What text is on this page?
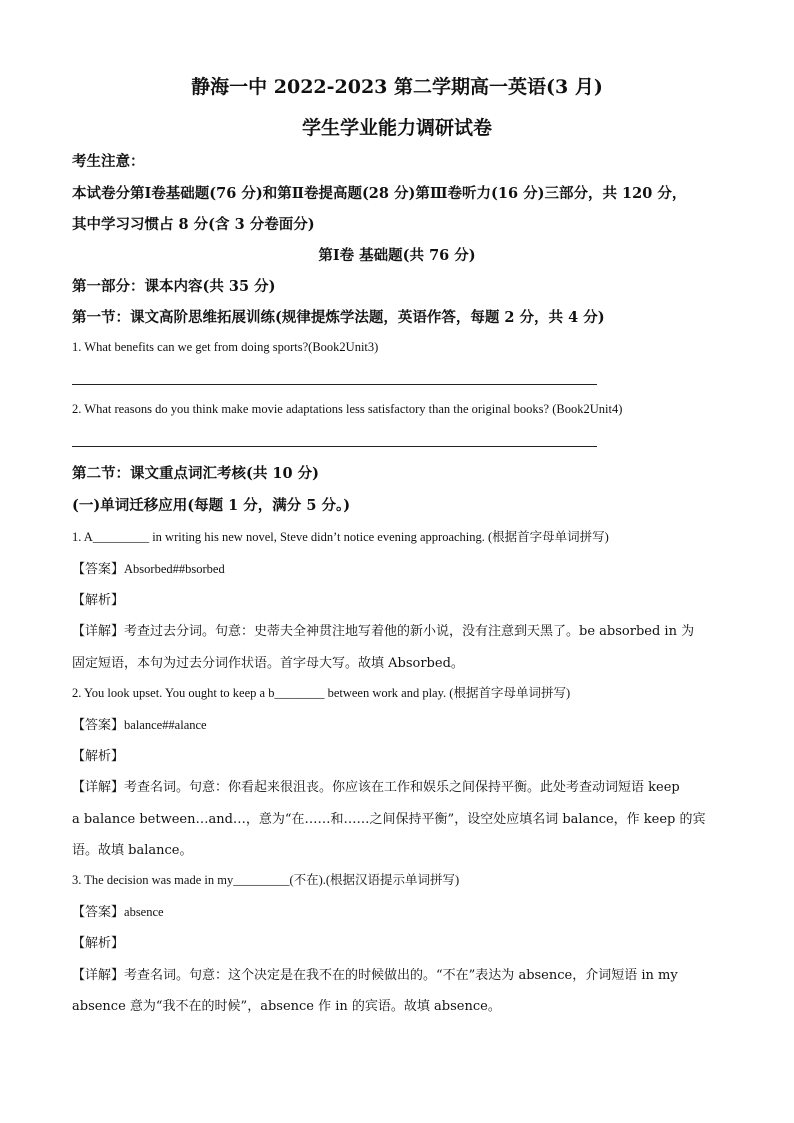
静海一中 2022-2023 第二学期高一英语(3 月)
学生学业能力调研试卷
考生注意：
本试卷分第Ⅰ卷基础题(76 分)和第Ⅱ卷提高题(28 分)第Ⅲ卷听力(16 分)三部分，共 120 分，
其中学习习惯占 8 分(含 3 分卷面分)
第Ⅰ卷 基础题(共 76 分)
第一部分：课本内容(共 35 分)
第一节：课文高阶思维拓展训练(规律提炼学法题，英语作答，每题 2 分，共 4 分)
1. What benefits can we get from doing sports?(Book2Unit3)
2. What reasons do you think make movie adaptations less satisfactory than the original books? (Book2Unit4)
第二节：课文重点词汇考核(共 10 分)
(一)单词迁移应用(每题 1 分，满分 5 分。)
1. A_________ in writing his new novel, Steve didn’t notice evening approaching. (根据首字母单词拼写)
【答案】Absorbed##bsorbed
【解析】
【详解】考查过去分词。句意：史蒂夫全神贯注地写着他的新小说，没有注意到天黑了。be absorbed in 为
固定短语，本句为过去分词作状语。首字母大写。故填 Absorbed。
2. You look upset. You ought to keep a b________ between work and play. (根据首字母单词拼写)
【答案】balance##alance
【解析】
【详解】考查名词。句意：你看起来很沮丧。你应该在工作和娱乐之间保持平衡。此处考查动词短语 keep
a balance between…and…，意为“在……和……之间保持平衡”，设空处应填名词 balance，作 keep 的宾
语。故填 balance。
3. The decision was made in my_________(不在).(根据汉语提示单词拼写)
【答案】absence
【解析】
【详解】考查名词。句意：这个决定是在我不在的时候做出的。“不在”表达为 absence，介词短语 in my
absence 意为“我不在的时候”，absence 作 in 的宾语。故填 absence。
